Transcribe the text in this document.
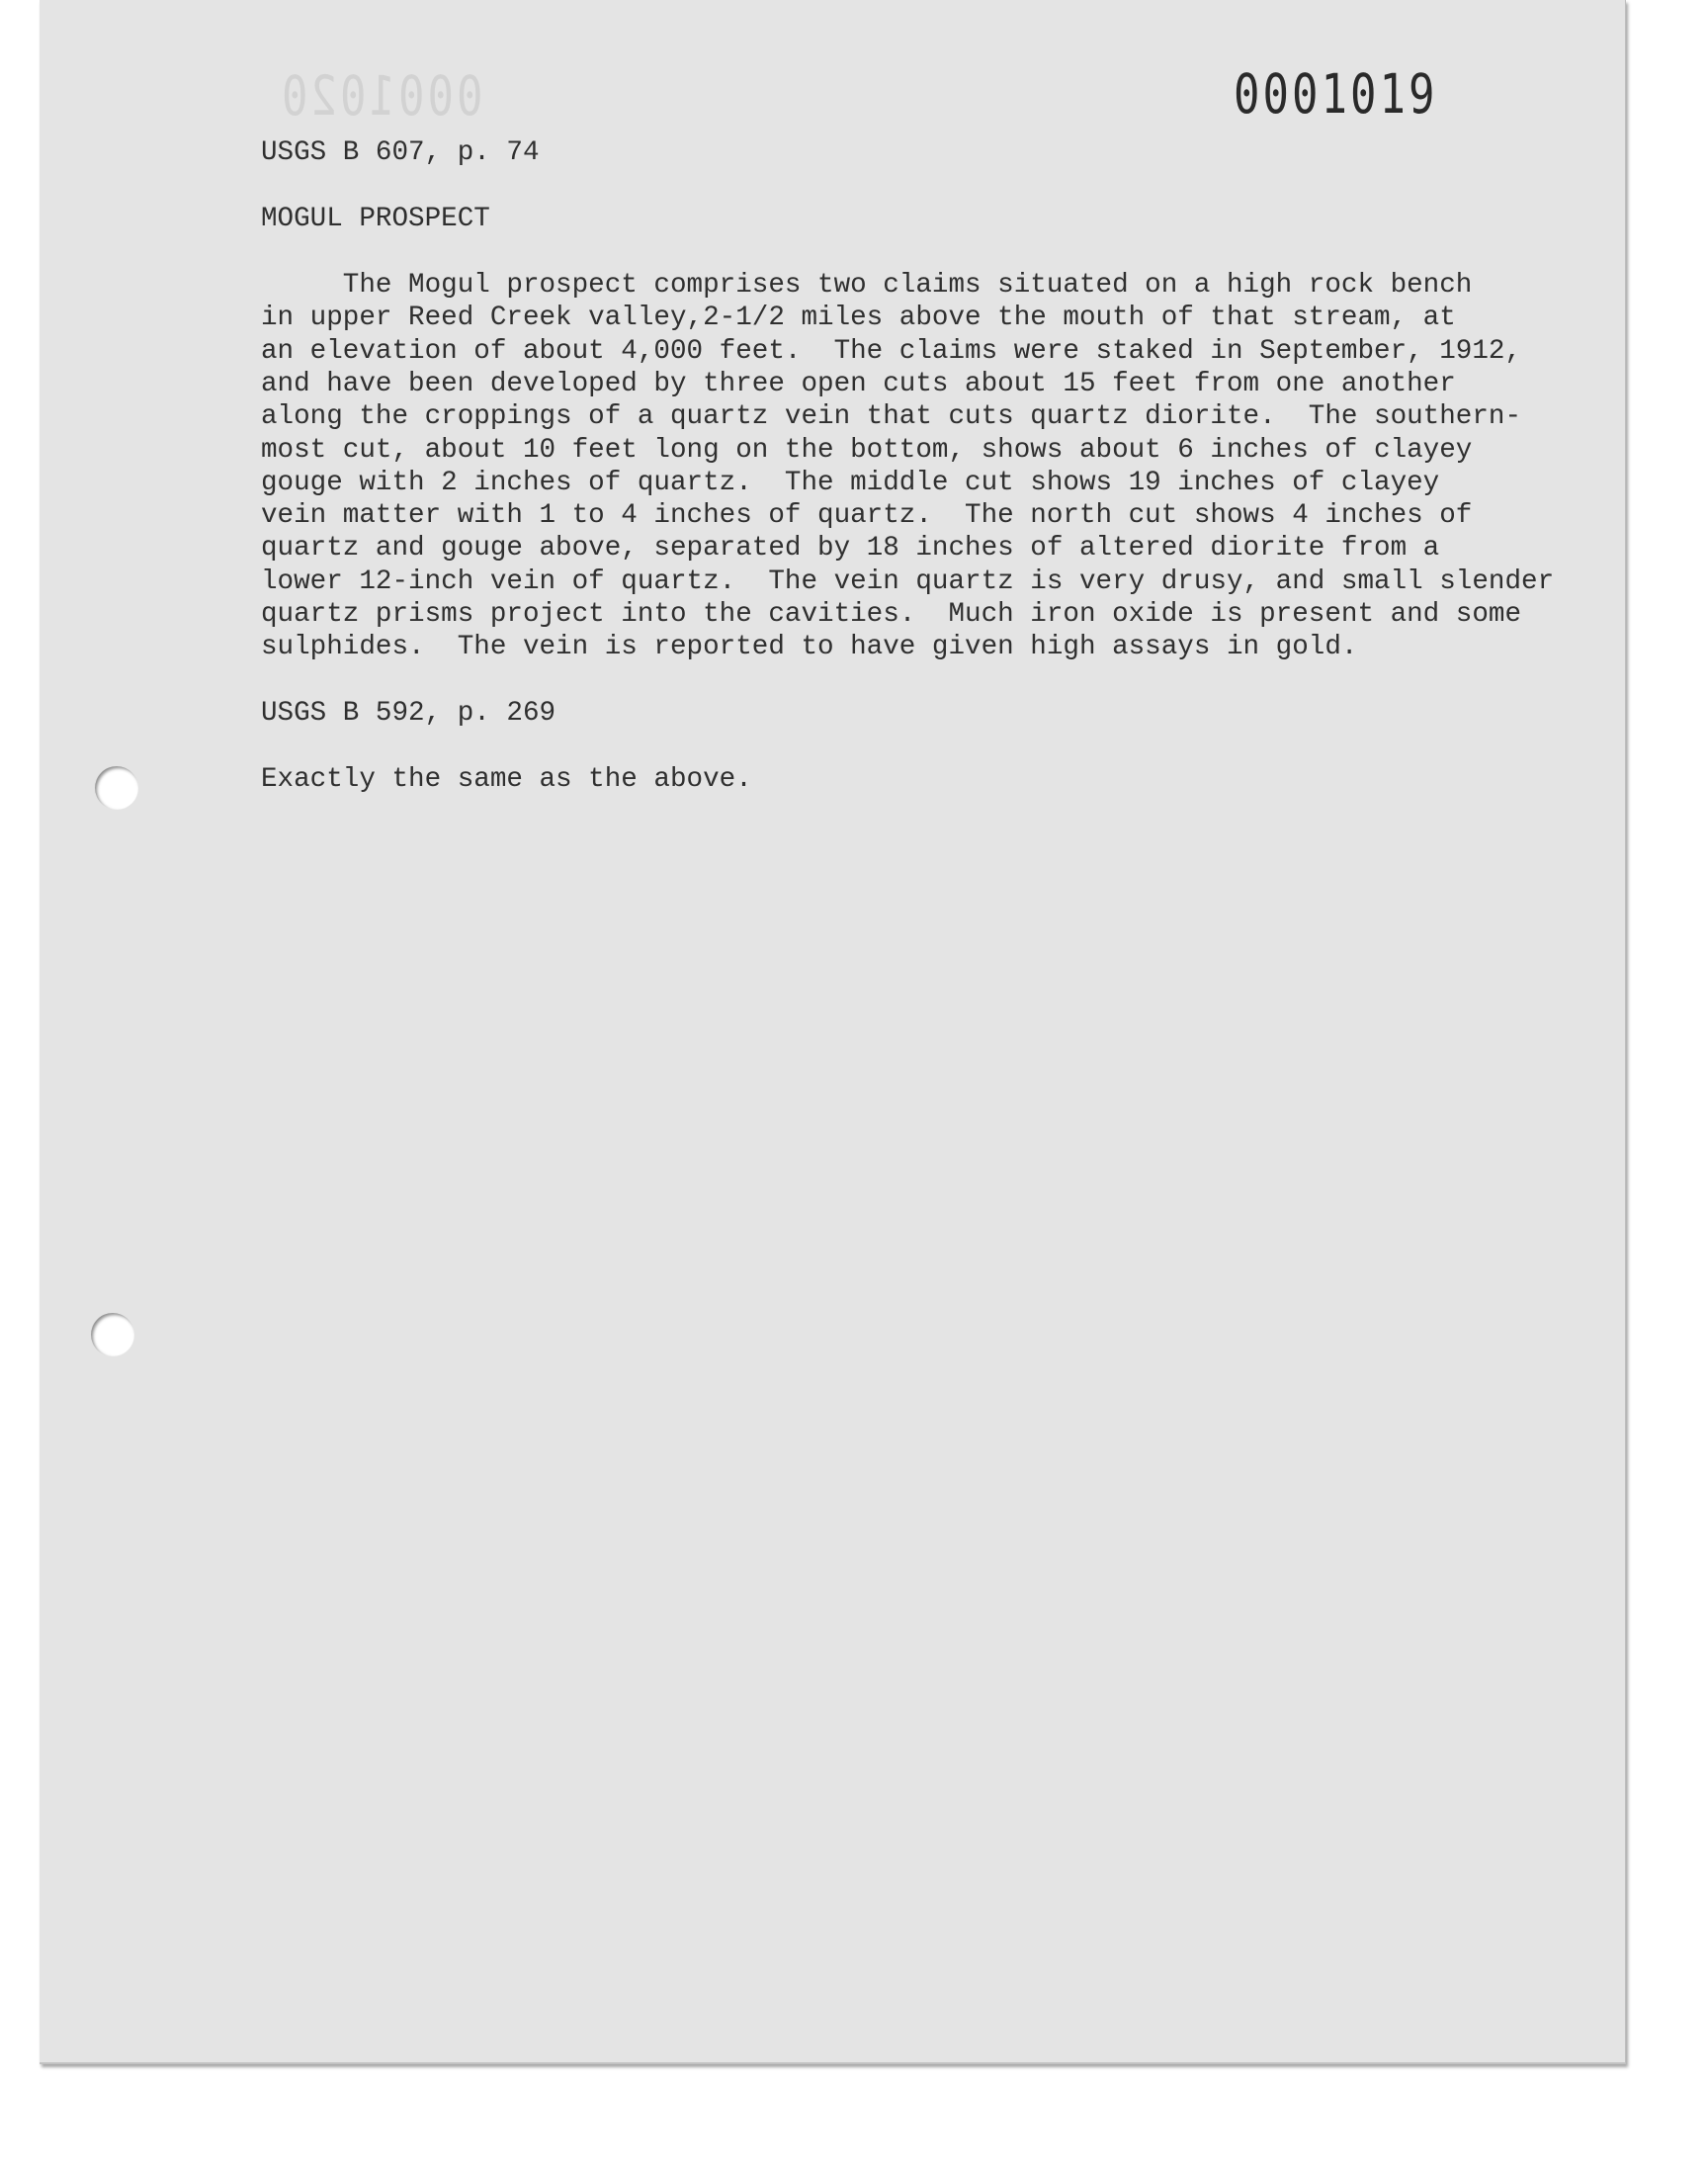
0001020	0001019
USGS B 607, p. 74
MOGUL PROSPECT
The Mogul prospect comprises two claims situated on a high rock bench
in upper Reed Creek valley,2-1/2 miles above the mouth of that stream, at
an elevation of about 4,000 feet.  The claims were staked in September, 1912,
and have been developed by three open cuts about 15 feet from one another
along the croppings of a quartz vein that cuts quartz diorite.  The southern-
most cut, about 10 feet long on the bottom, shows about 6 inches of clayey
gouge with 2 inches of quartz.  The middle cut shows 19 inches of clayey
vein matter with 1 to 4 inches of quartz.  The north cut shows 4 inches of
quartz and gouge above, separated by 18 inches of altered diorite from a
lower 12-inch vein of quartz.  The vein quartz is very drusy, and small slender
quartz prisms project into the cavities.  Much iron oxide is present and some
sulphides.  The vein is reported to have given high assays in gold.
USGS B 592, p. 269
Exactly the same as the above.
